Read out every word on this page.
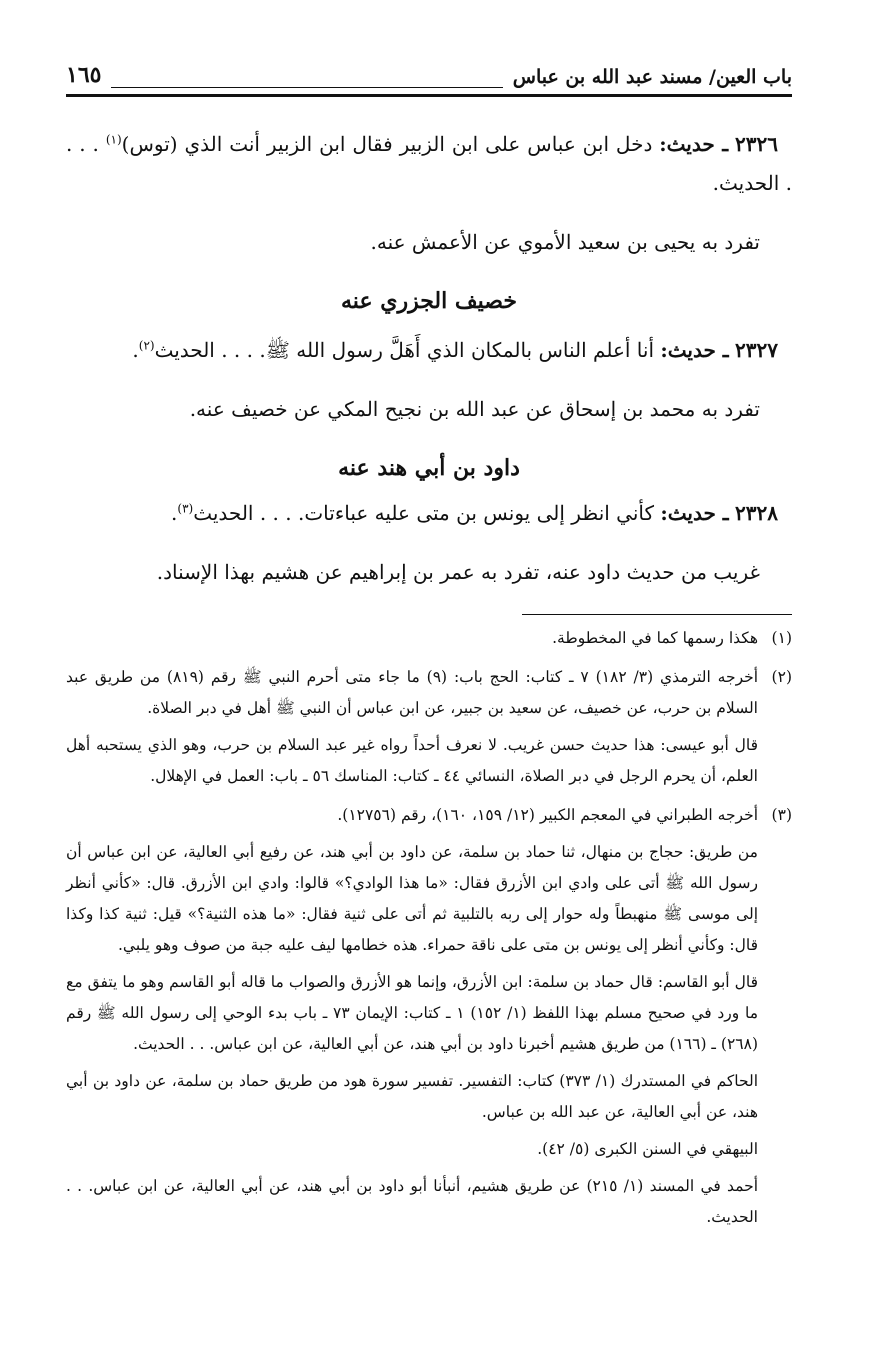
باب العين/ مسند عبد الله بن عباس
١٦٥

٢٣٢٦ ـ حديث: دخل ابن عباس على ابن الزبير فقال ابن الزبير أنت الذي (توس)$^{(١)}$ . . . . الحديث.

تفرد به يحيى بن سعيد الأموي عن الأعمش عنه.

خصيف الجزري عنه

٢٣٢٧ ـ حديث: أنا أعلم الناس بالمكان الذي أَهَلَّ رسول الله ﷺ. . . . الحديث$^{(٢)}$.

تفرد به محمد بن إسحاق عن عبد الله بن نجيح المكي عن خصيف عنه.

داود بن أبي هند عنه

٢٣٢٨ ـ حديث: كأني انظر إلى يونس بن متى عليه عباءتات. . . . الحديث$^{(٣)}$.

غريب من حديث داود عنه، تفرد به عمر بن إبراهيم عن هشيم بهذا الإسناد.

(١)
هكذا رسمها كما في المخطوطة.
(٢)

أخرجه الترمذي (٣/ ١٨٢) ٧ ـ كتاب: الحج باب: (٩) ما جاء متى أحرم النبي ﷺ رقم (٨١٩) من طريق عبد السلام بن حرب، عن خصيف، عن سعيد بن جبير، عن ابن عباس أن النبي ﷺ أهل في دبر الصلاة.

قال أبو عيسى: هذا حديث حسن غريب. لا نعرف أحداً رواه غير عبد السلام بن حرب، وهو الذي يستحبه أهل العلم، أن يحرم الرجل في دبر الصلاة، النسائي ٤٤ ـ كتاب: المناسك ٥٦ ـ باب: العمل في الإهلال.

(٣)
أخرجه الطبراني في المعجم الكبير (١٢/ ١٥٩، ١٦٠)، رقم (١٢٧٥٦).

من طريق: حجاج بن منهال، ثنا حماد بن سلمة، عن داود بن أبي هند، عن رفيع أبي العالية، عن ابن عباس أن رسول الله ﷺ أتى على وادي ابن الأزرق فقال: «ما هذا الوادي؟» قالوا: وادي ابن الأزرق. قال: «كأني أنظر إلى موسى ﷺ منهبطاً وله حوار إلى ربه بالتلبية ثم أتى على ثنية فقال: «ما هذه الثنية؟» قيل: ثنية كذا وكذا قال: وكأني أنظر إلى يونس بن متى على ناقة حمراء. هذه خطامها ليف عليه جبة من صوف وهو يلبي.

قال أبو القاسم: قال حماد بن سلمة: ابن الأزرق، وإنما هو الأزرق والصواب ما قاله أبو القاسم وهو ما يتفق مع ما ورد في صحيح مسلم بهذا اللفظ (١/ ١٥٢) ١ ـ كتاب: الإيمان ٧٣ ـ باب بدء الوحي إلى رسول الله ﷺ رقم (٢٦٨) ـ (١٦٦) من طريق هشيم أخبرنا داود بن أبي هند، عن أبي العالية، عن ابن عباس. . . الحديث.

الحاكم في المستدرك (١/ ٣٧٣) كتاب: التفسير. تفسير سورة هود من طريق حماد بن سلمة، عن داود بن أبي هند، عن أبي العالية، عن عبد الله بن عباس.

البيهقي في السنن الكبرى (٥/ ٤٢).

أحمد في المسند (١/ ٢١٥) عن طريق هشيم، أنبأنا أبو داود بن أبي هند، عن أبي العالية، عن ابن عباس. . . الحديث.
